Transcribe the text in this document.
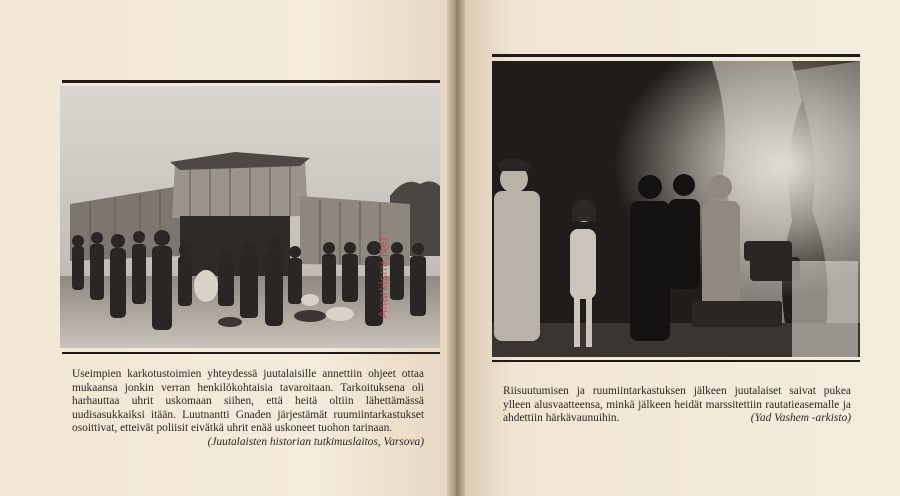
Useimpien karkotustoimien yhteydessä juutalaisille annettiin ohjeet ottaa mukaansa jonkin verran henkilökohtaisia tavaroitaan. Tarkoituksena oli harhauttaa uhrit uskomaan siihen, että heitä oltiin lähettämässä uudisasukkaiksi itään. Luutnantti Gnaden järjestämät ruumiintarkastukset osoittivat, etteivät poliisit eivätkä uhrit enää uskoneet tuohon tarinaan.

(Juutalaisten historian tutkimuslaitos, Varsova)
Anarkismi.Net

Riisuutumisen ja ruumiintarkastuksen jälkeen juutalaiset saivat pukea ylleen alusvaatteensa, minkä jälkeen heidät marssitettiin rautatieasemalle ja ahdettiin härkävaunuihin.	(Yad Vashem -arkisto)
